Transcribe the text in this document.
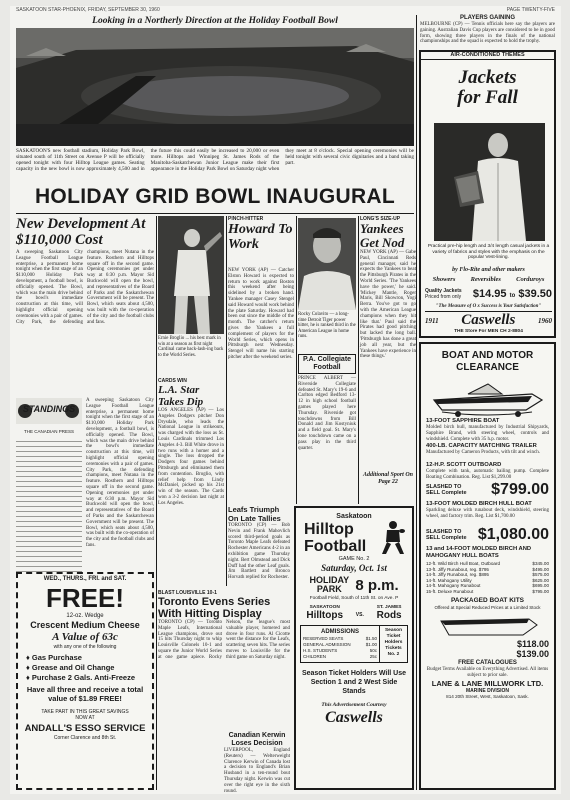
SASKATOON STAR-PHOENIX, FRIDAY, SEPTEMBER 30, 1960	PAGE TWENTY-FIVE
Looking in a Northerly Direction at the Holiday Football Bowl
SASKATOON'S new football stadium, Holiday Park Bowl, situated south of 11th Street on Avenue P will be officially opened tonight with four Hilltop League games. Seating capacity in the new bowl is now approximately 4,500 and in the future this could easily be increased to 20,000 or even more. Hilltops and Winnipeg St. James Rods of the Manitoba-Saskatchewan Junior League make their first appearance in the Holiday Park Bowl on Saturday night when they meet at 8 o'clock. Special opening ceremonies will be held tonight with several civic dignitaries and a band taking part.
PLAYERS GAINING
MELBOURNE (CP) — Tennis officials here say the players are gaining. Australian Davis Cup players are considered to be in good form, showing three players in the finals of the national championships and the squad is expected to hold the trophy.
AIR-CONDITIONED THEMES
Jackets
for Fall
Practical pre-hip length and 3/4 length casual jackets in a variety of fabrics and styles with the emphasis on the popular Vest-lining.
by Flo-Rite and other makers
Showers Reversibles Corduroys
Quality Jackets
Priced from only $14.95 to $39.50
"The Measure of O x Success is Your Satisfaction"
1911 Caswells	1960
THE Store For MEN CH 2-8804
HOLIDAY GRID BOWL INAUGURAL
New Development At $110,000 Cost
A sweeping Saskatoon City League Football League enterprise, a permanent home tonight when the first stage of an $110,000 Holiday Park development, a football bowl, is officially opened. The Bowl, which was the main drive behind the bowl's immediate construction at this time, will highlight official opening ceremonies with a pair of games. City Park, the defending champions, meet Nutana in the feature. Rosthern and Hilltops square off in the second game. Opening ceremonies get under way at 6:30 p.m. Mayor Sid Buckwold will open the bowl, and representatives of the Board of Parks and the Saskatchewan Government will be present. The Bowl, which seats about 4,500, was built with the co-operation of the city and the football clubs and fans.
STANDINGS
THE CANADIAN PRESS
A sweeping Saskatoon City League Football League enterprise, a permanent home tonight when the first stage of an $110,000 Holiday Park development, a football bowl, is officially opened. The Bowl, which was the main drive behind the bowl's immediate construction at this time, will highlight official opening ceremonies with a pair of games. City Park, the defending champions, meet Nutana in the feature. Rosthern and Hilltops square off in the second game. Opening ceremonies get under way at 6:30 p.m. Mayor Sid Buckwold will open the bowl, and representatives of the Board of Parks and the Saskatchewan Government will be present. The Bowl, which seats about 4,500, was built with the co-operation of the city and the football clubs and fans.
WED., THURS., FRI. and SAT.
FREE!
12-oz. Wedge
Crescent Medium Cheese
A Value of 63c
with any one of the following
♦ Gas Purchase
♦ Grease and Oil Change
♦ Purchase 2 Gals. Anti-Freeze
Have all three and receive a total value of $1.89 FREE!
TAKE PART IN THIS GREAT SAVINGS NOW AT
ANDALL'S ESSO SERVICE
Corner Clarence and 8th St.
Ernie Broglio ... his best mark in win at a season as first night Cardinal came back-lash-ing back to the World Series.
CARDS WIN
L.A. Star Takes Dip
LOS ANGELES (AP) — Los Angeles Dodgers pitcher Don Drysdale, who leads the National League in strikeouts, was charged with the loss as St. Louis Cardinals trimmed Los Angeles 4-3. Bill White drove in two runs with a homer and a single. The loss dropped the Dodgers four games behind Pittsburgh and eliminated them from contention. Broglio, with relief help from Lindy McDaniel, picked up his 21st win of the season. The Cards won a 3-2 decision last night at Los Angeles.
PINCH-HITTER
Howard To Work
NEW YORK (AP) — Catcher Elston Howard is expected to return to work against Boston this weekend after being sidelined by a broken hand. Yankee manager Casey Stengel said Howard would work behind the plate Saturday. Howard had been out since the middle of the month. The catcher's return gives the Yankees a full complement of players for the World Series, which opens in Pittsburgh next Wednesday. Stengel will name his starting pitcher after the weekend series.
Rocky Colavito — a long-time Detroit Tiger power hitter, he is ranked third in the American League in home runs.
P.A. Collegiate Football
PRINCE ALBERT — Riverside Collegiate defeated St. Mary's 19-6 and Carlton edged Bedford 13-12 in high school football games played here Thursday. Riverside got touchdowns from Bill Donald and Jim Kostyniuk and a field goal. St. Mary's lone touchdown came on a pass play in the third quarter.
LONG'S SIZE-UP
Yankees Get Nod
NEW YORK (AP) — Gabe Paul, Cincinnati Reds general manager, said he expects the Yankees to beat the Pittsburgh Pirates in the World Series. 'The Yankees have the power,' he said. 'Mickey Mantle, Roger Maris, Bill Skowron, Yogi Berra. You've got to go with the American League champions when they hit like that.' Paul said the Pirates had good pitching but lacked the long ball. 'Pittsburgh has done a great job all year, but the Yankees have experience in these things.'
Additional Sport On Page 22
Leafs Triumph On Late Tallies
TORONTO (CP) — Bob Nevin and Frank Mahovlich scored third-period goals as Toronto Maple Leafs defeated Rochester Americans 4-2 in an exhibition game Thursday night. Bert Olmstead and Dick Duff had the other Leaf goals. Jim Bartlett and Bronco Horvath replied for Rochester.
BLAST LOUISVILLE 10-1
Toronto Evens Series With Hitting Display
TORONTO (CP) — Toronto Maple Leafs, International League champions, drove out 15 hits Thursday night to whip Louisville Colonels 10-1 and square the Junior World Series at one game apiece. Rocky Nelson, the league's most valuable player, homered and drove in four runs. Al Cicotte went the distance for the Leafs, scattering seven hits. The series moves to Louisville for the third game on Saturday night.
Canadian Kerwin Loses Decision
LIVERPOOL, England (Reuters) — Welterweight Clarence Kerwin of Canada lost a decision to England's Brian Husband in a ten-round bout Thursday night. Kerwin was cut over the right eye in the sixth round.
Saskatoon
Hilltop Football
GAME No. 2
Saturday, Oct. 1st
HOLIDAY PARK 8 p.m.
Football Field, South of 11th St. on Ave. P
SASKATOON
Hilltops	VS.
ST. JAMES
Rods
ADMISSIONS
RESERVED SEATS	$1.50
GENERAL ADMISSION	$1.00
H.S. STUDENTS	50c
CHILDREN	25c
Season Ticket Holders Tickets No. 2
Season Ticket Holders Will Use Section 1 and 2 West Side Stands
This Advertisement Courtesy
Caswells
BOAT AND MOTOR CLEARANCE
13-FOOT SAPPHIRE BOAT
Molded birch hull, manufactured by Industrial Shipyards, Sapphire Brand, with steering wheel, controls and windshield. Complete with 35 h.p. motor.
400-LB. CAPACITY MATCHING TRAILER
Manufactured by Cameron Products, with tilt and winch.
12-H.P. SCOTT OUTBOARD
Complete with tank, automatic bailing pump. Complete Boating Combination. Reg. List $1,299.00
SLASHED TO SELL Complete	$799.00
13-FOOT MOLDED BIRCH HULL BOAT
Sparkling deluxe with runabout deck, windshield, steering wheel, and factory trim. Reg. List $1,700.00
SLASHED TO SELL Complete $1,080.00
13 and 14-FOOT MOLDED BIRCH AND MAHOGANY HULL BOATS
12-ft. Wild Birch Hull Boat, Outboard	$345.00
13-ft. Jiffy Runabout, reg. $795	$495.00
14-ft. Jiffy Runabout, reg. $895	$575.00
14-ft. Mahogany Utility	$625.00
14-ft. Mahogany Runabout	$695.00
15-ft. Deluxe Runabout	$795.00
PACKAGED BOAT KITS
Offered at Special Reduced Prices at a Limited Stock
$118.00
$139.00
FREE CATALOGUES
Budget Terms Available on Everything Advertised. All items subject to prior sale.
LANE & LANE MILLWORK LTD.
MARINE DIVISION
814 20th Street, West, Saskatoon, Sask.
